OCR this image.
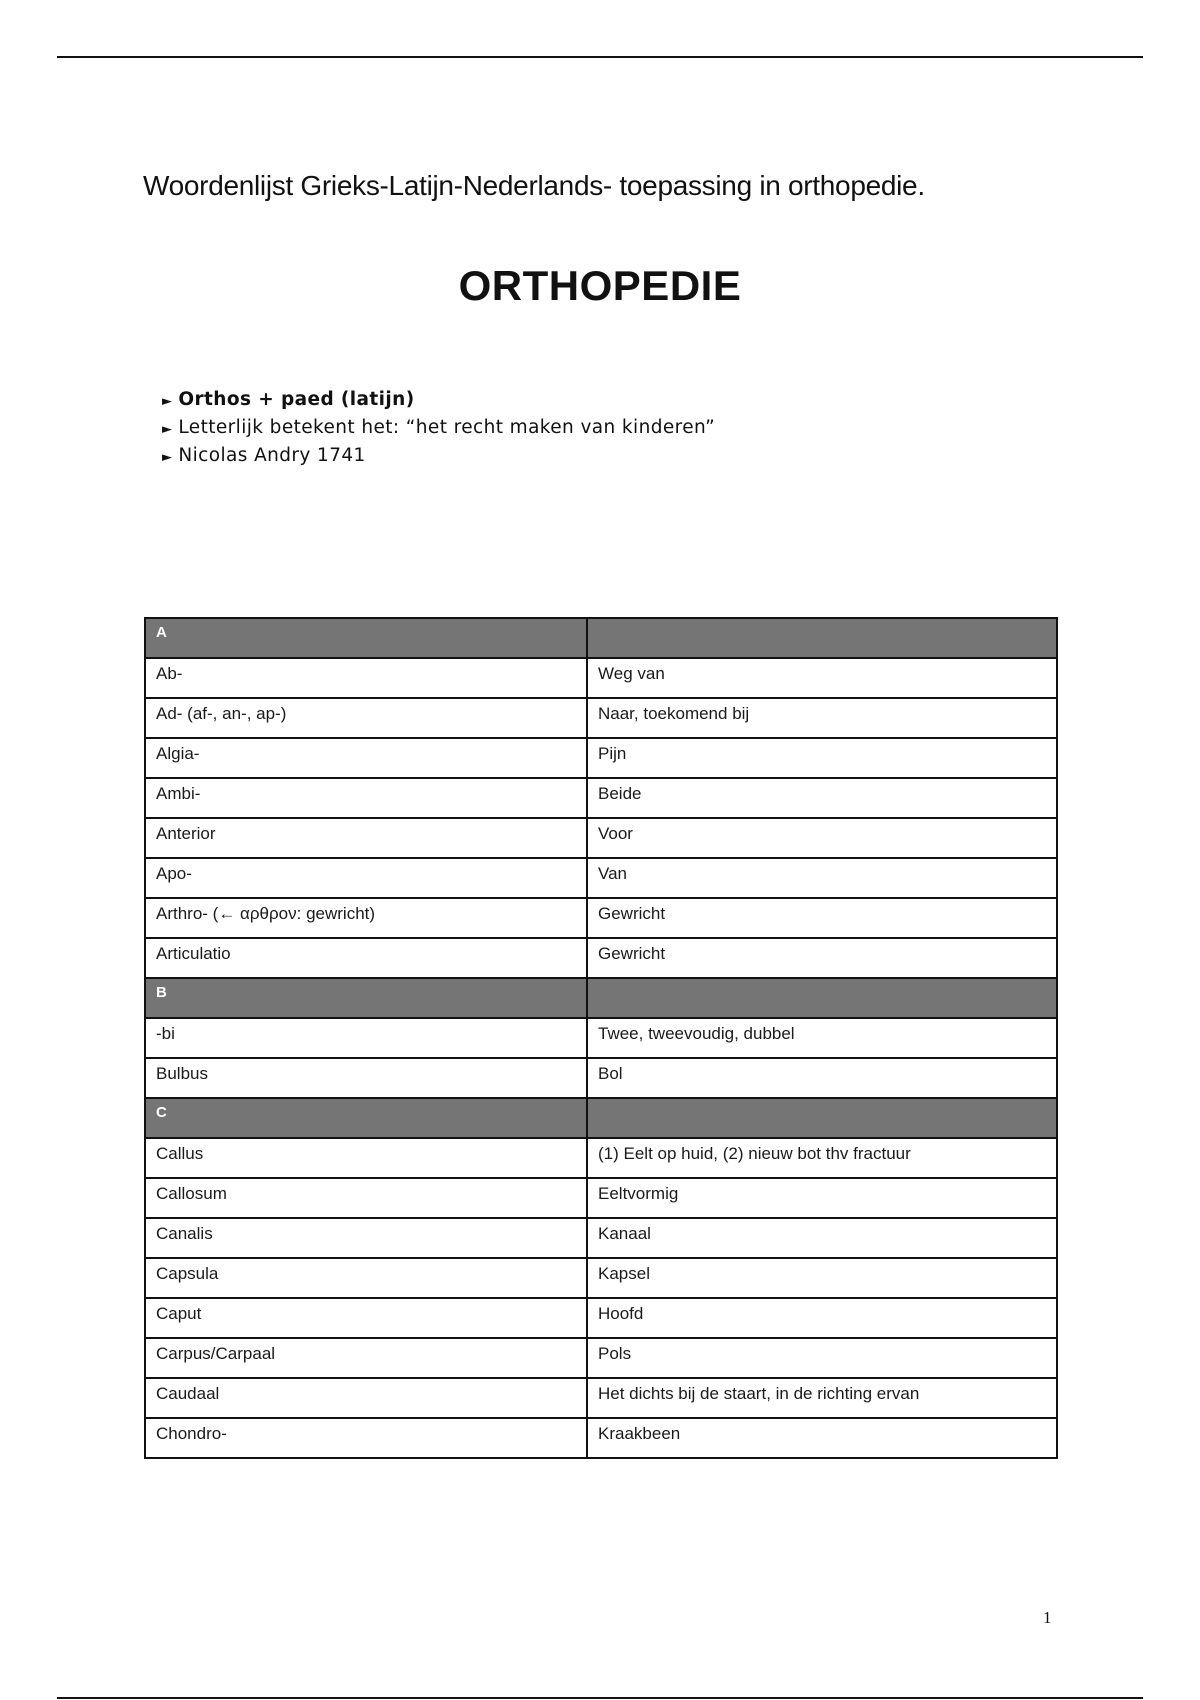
Woordenlijst Grieks-Latijn-Nederlands- toepassing in orthopedie.
ORTHOPEDIE
► Orthos + paed (latijn)
► Letterlijk betekent het: “het recht maken van kinderen”
► Nicolas Andry 1741
A	
Ab-	Weg van
Ad- (af-, an-, ap-)	Naar, toekomend bij
Algia-	Pijn
Ambi-	Beide
Anterior	Voor
Apo-	Van
Arthro- (← αρθρον: gewricht)	Gewricht
Articulatio	Gewricht
B	
-bi	Twee, tweevoudig, dubbel
Bulbus	Bol
C	
Callus	(1) Eelt op huid, (2) nieuw bot thv fractuur
Callosum	Eeltvormig
Canalis	Kanaal
Capsula	Kapsel
Caput	Hoofd
Carpus/Carpaal	Pols
Caudaal	Het dichts bij de staart, in de richting ervan
Chondro-	Kraakbeen
1
